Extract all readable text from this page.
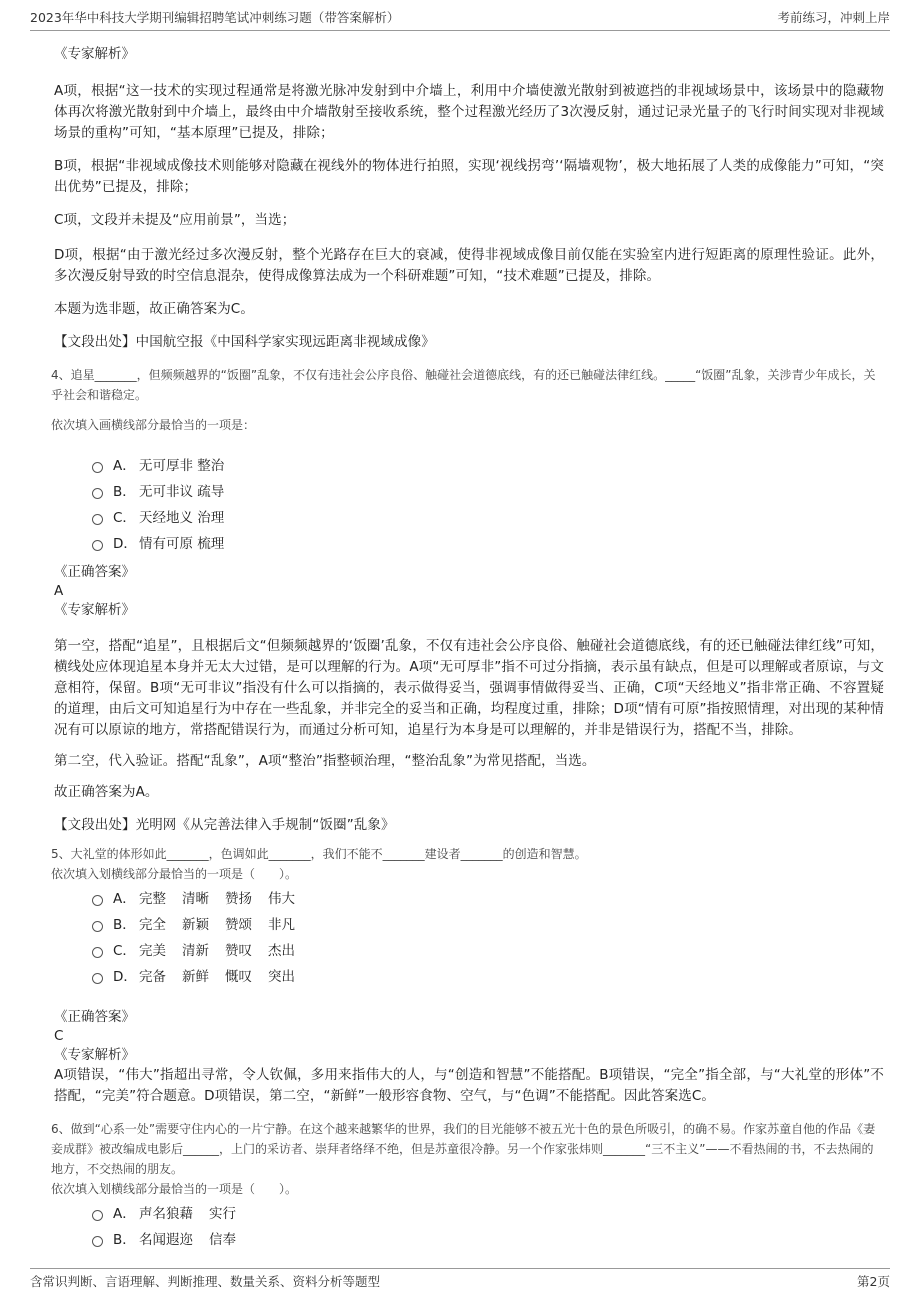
2023年华中科技大学期刊编辑招聘笔试冲刺练习题（带答案解析）	考前练习，冲刺上岸

《专家解析》

A项，根据“这一技术的实现过程通常是将激光脉冲发射到中介墙上，利用中介墙使激光散射到被遮挡的非视域场景中，该场景中的隐藏物体再次将激光散射到中介墙上，最终由中介墙散射至接收系统，整个过程激光经历了3次漫反射，通过记录光量子的飞行时间实现对非视域场景的重构”可知，“基本原理”已提及，排除；

B项，根据“非视域成像技术则能够对隐藏在视线外的物体进行拍照，实现‘视线拐弯’‘隔墙观物’，极大地拓展了人类的成像能力”可知，“突出优势”已提及，排除；

C项，文段并未提及“应用前景”，当选；

D项，根据“由于激光经过多次漫反射，整个光路存在巨大的衰减，使得非视域成像目前仅能在实验室内进行短距离的原理性验证。此外，多次漫反射导致的时空信息混杂，使得成像算法成为一个科研难题”可知，“技术难题”已提及，排除。

本题为选非题，故正确答案为C。

【文段出处】中国航空报《中国科学家实现远距离非视域成像》

4、追星_______，但频频越界的“饭圈”乱象，不仅有违社会公序良俗、触碰社会道德底线，有的还已触碰法律红线。_____“饭圈”乱象，关涉青少年成长，关乎社会和谐稳定。

依次填入画横线部分最恰当的一项是：

A． 无可厚非 整治
B． 无可非议 疏导
C． 天经地义 治理
D． 情有可原 梳理

《正确答案》

A

《专家解析》

第一空，搭配“追星”，且根据后文“但频频越界的‘饭圈’乱象，不仅有违社会公序良俗、触碰社会道德底线，有的还已触碰法律红线”可知，横线处应体现追星本身并无太大过错，是可以理解的行为。A项“无可厚非”指不可过分指摘，表示虽有缺点，但是可以理解或者原谅，与文意相符，保留。B项“无可非议”指没有什么可以指摘的，表示做得妥当，强调事情做得妥当、正确，C项“天经地义”指非常正确、不容置疑的道理，由后文可知追星行为中存在一些乱象，并非完全的妥当和正确，均程度过重，排除；D项“情有可原”指按照情理，对出现的某种情况有可以原谅的地方，常搭配错误行为，而通过分析可知，追星行为本身是可以理解的，并非是错误行为，搭配不当，排除。

第二空，代入验证。搭配“乱象”，A项“整治”指整顿治理，“整治乱象”为常见搭配，当选。

故正确答案为A。

【文段出处】光明网《从完善法律入手规制“饭圈”乱象》

5、大礼堂的体形如此_______，色调如此_______，我们不能不_______建设者_______的创造和智慧。

依次填入划横线部分最恰当的一项是（　　）。

A． 完整 清晰 赞扬 伟大
B． 完全 新颖 赞颂 非凡
C． 完美 清新 赞叹 杰出
D． 完备 新鲜 慨叹 突出

《正确答案》

C

《专家解析》

A项错误，“伟大”指超出寻常，令人钦佩，多用来指伟大的人，与“创造和智慧”不能搭配。B项错误，“完全”指全部，与“大礼堂的形体”不搭配，“完美”符合题意。D项错误，第二空，“新鲜”一般形容食物、空气，与“色调”不能搭配。因此答案选C。

6、做到“心系一处”需要守住内心的一片宁静。在这个越来越繁华的世界，我们的目光能够不被五光十色的景色所吸引，的确不易。作家苏童自他的作品《妻妾成群》被改编成电影后______，上门的采访者、崇拜者络绎不绝，但是苏童很冷静。另一个作家张炜则_______“三不主义”——不看热闹的书，不去热闹的地方，不交热闹的朋友。

依次填入划横线部分最恰当的一项是（　　）。

A． 声名狼藉 实行
B． 名闻遐迩 信奉
含常识判断、言语理解、判断推理、数量关系、资料分析等题型	第2页
